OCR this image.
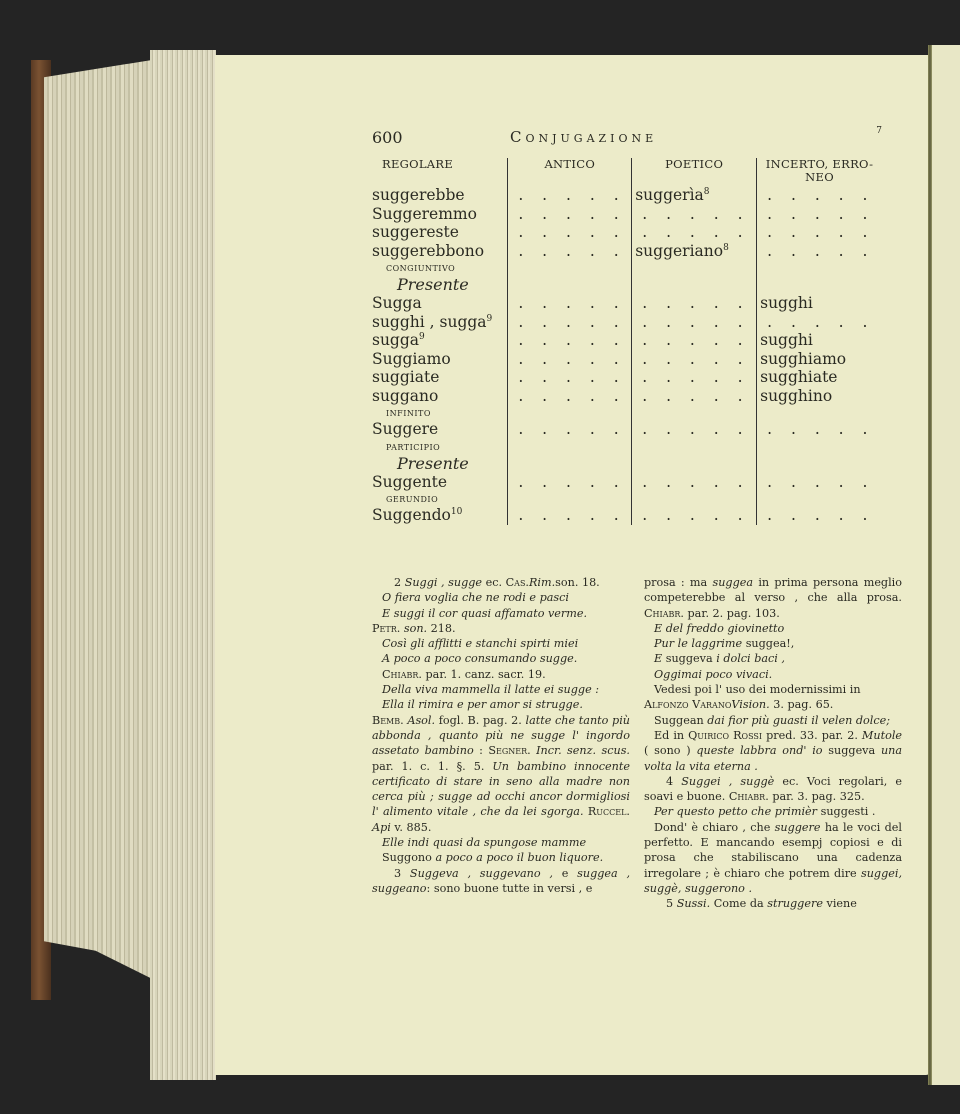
600	Conjugazione	7
REGOLARE	ANTICO	POETICO	INCERTO, ERRO-NEO
suggerebbe	. . . . .	suggerìa$^8$	. . . . .
Suggeremmo	. . . . .	. . . . .	. . . . .
suggereste	. . . . .	. . . . .	. . . . .
suggerebbono	. . . . .	suggeriano$^8$	. . . . .
congiuntivo			
Presente			
Sugga	. . . . .	. . . . .	sugghi
sugghi , sugga$^9$	. . . . .	. . . . .	. . . . .
sugga$^9$	. . . . .	. . . . .	sugghi
Suggiamo	. . . . .	. . . . .	sugghiamo
suggiate	. . . . .	. . . . .	sugghiate
suggano	. . . . .	. . . . .	sugghino
infinito			
Suggere	. . . . .	. . . . .	. . . . .
participio			
Presente			
Suggente	. . . . .	. . . . .	. . . . .
gerundio			
Suggendo$^{10}$	. . . . .	. . . . .	. . . . .

2 Suggi , sugge ec. Cas.Rim.son. 18.

O fiera voglia che ne rodi e pasci

E suggi il cor quasi affamato verme.

Petr. son. 218.

Così gli afflitti e stanchi spirti miei

A poco a poco consumando sugge.

Chiabr. par. 1. canz. sacr. 19.

Della viva mammella il latte ei sugge :

Ella il rimira e per amor si strugge.

Bemb. Asol. fogl. B. pag. 2. latte che tanto più abbonda , quanto più ne sugge l' ingordo assetato bambino : Segner. Incr. senz. scus. par. 1. c. 1. §. 5. Un bambino innocente certificato di stare in seno alla madre non cerca più ; sugge ad occhi ancor dormigliosi l' alimento vitale , che da lei sgorga. Ruccel. Api v. 885.

Elle indi quasi da spungose mamme

Suggono a poco a poco il buon liquore.

3 Suggeva , suggevano , e suggea , suggeano: sono buone tutte in versi , e

prosa : ma suggea in prima persona meglio competerebbe al verso , che alla prosa. Chiabr. par. 2. pag. 103.

E del freddo giovinetto

Pur le laggrime suggea!,

E suggeva i dolci baci ,

Oggimai poco vivaci.

Vedesi poi l' uso dei modernissimi in

Alfonzo VaranoVision. 3. pag. 65.

Suggean dai fior più guasti il velen dolce;

Ed in Quirico Rossi pred. 33. par. 2. Mutole ( sono ) queste labbra ond' io suggeva una volta la vita eterna .

4 Suggei , suggè ec. Voci regolari, e soavi e buone. Chiabr. par. 3. pag. 325.

Per questo petto che primièr suggesti .

Dond' è chiaro , che suggere ha le voci del perfetto. E mancando esempj copiosi e di prosa che stabiliscano una cadenza irregolare ; è chiaro che potrem dire suggei, suggè, suggerono .

5 Sussi. Come da struggere viene
